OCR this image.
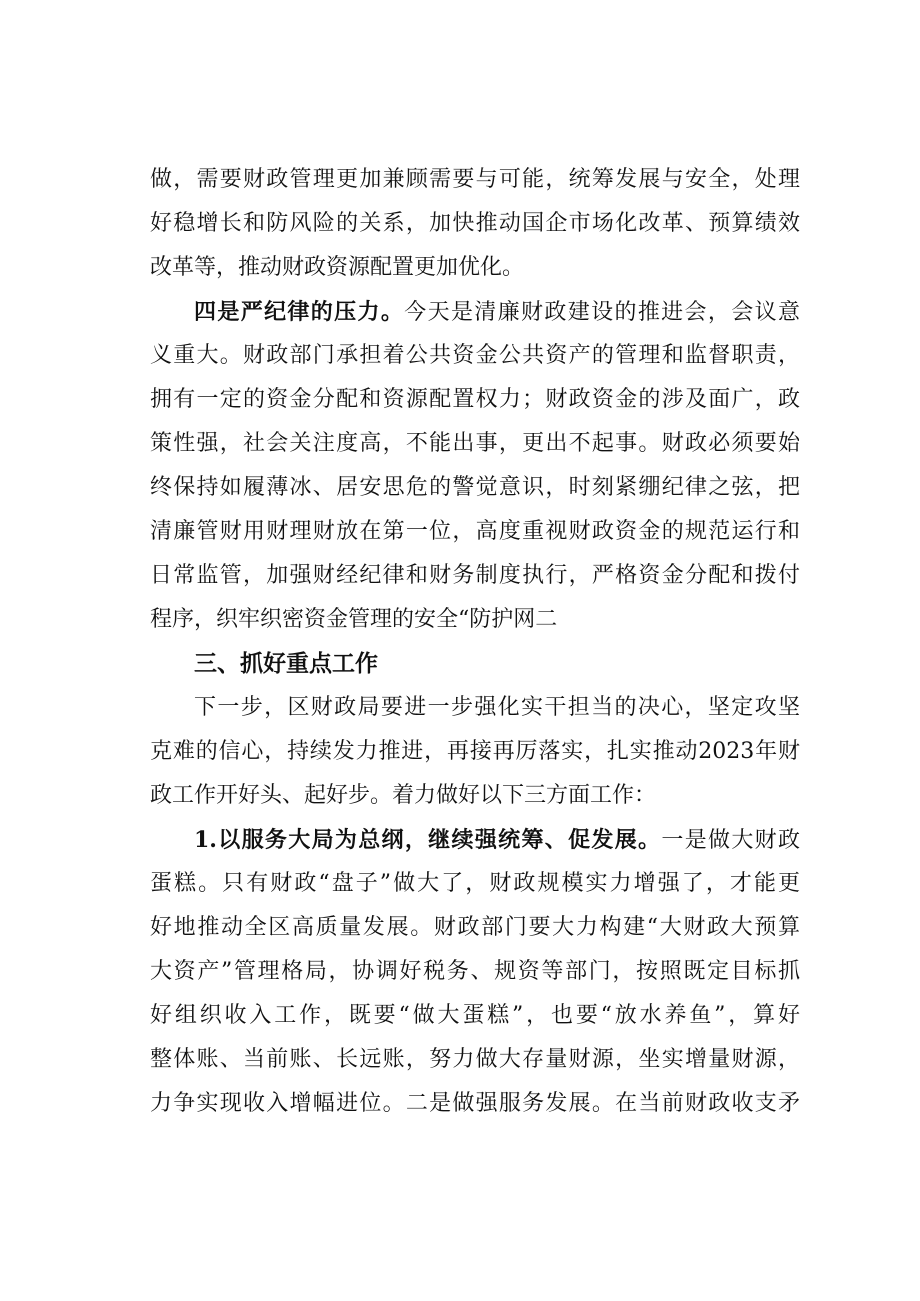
做，需要财政管理更加兼顾需要与可能，统筹发展与安全，处理
好稳增长和防风险的关系，加快推动国企市场化改革、预算绩效
改革等，推动财政资源配置更加优化。
四是严纪律的压力。今天是清廉财政建设的推进会，会议意
义重大。财政部门承担着公共资金公共资产的管理和监督职责，
拥有一定的资金分配和资源配置权力；财政资金的涉及面广，政
策性强，社会关注度高，不能出事，更出不起事。财政必须要始
终保持如履薄冰、居安思危的警觉意识，时刻紧绷纪律之弦，把
清廉管财用财理财放在第一位，高度重视财政资金的规范运行和
日常监管，加强财经纪律和财务制度执行，严格资金分配和拨付
程序，织牢织密资金管理的安全“防护网二
三、抓好重点工作
下一步，区财政局要进一步强化实干担当的决心，坚定攻坚
克难的信心，持续发力推进，再接再厉落实，扎实推动2023年财
政工作开好头、起好步。着力做好以下三方面工作：
1.以服务大局为总纲，继续强统筹、促发展。一是做大财政
蛋糕。只有财政“盘子”做大了，财政规模实力增强了，才能更
好地推动全区高质量发展。财政部门要大力构建“大财政大预算
大资产”管理格局，协调好税务、规资等部门，按照既定目标抓
好组织收入工作，既要“做大蛋糕”，也要“放水养鱼”，算好
整体账、当前账、长远账，努力做大存量财源，坐实增量财源，
力争实现收入增幅进位。二是做强服务发展。在当前财政收支矛
